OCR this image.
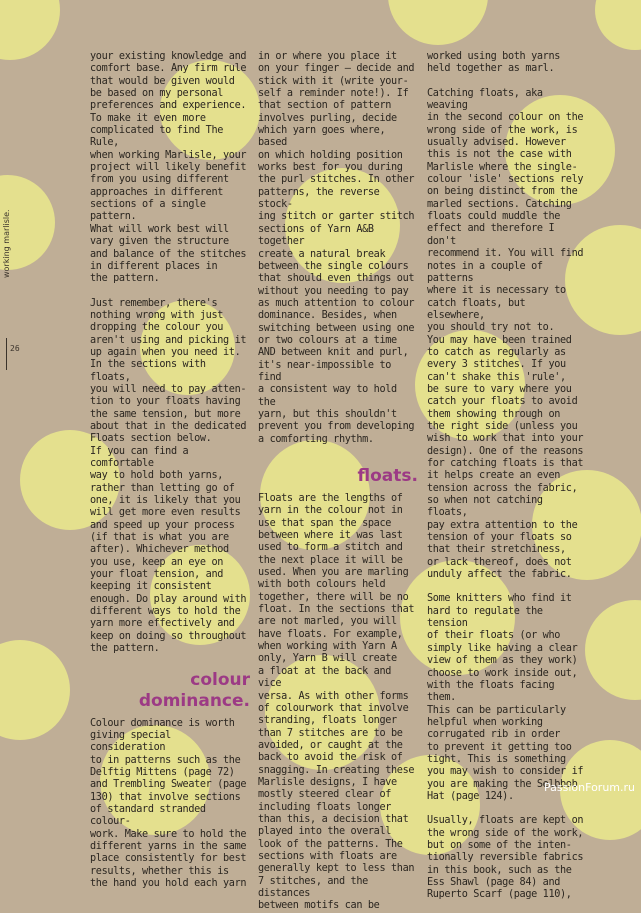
working marlisle.
26

your existing knowledge and
comfort base. Any firm rule
that would be given would
be based on my personal
preferences and experience.
To make it even more
complicated to find The Rule,
when working Marlisle, your
project will likely benefit
from you using different
approaches in different
sections of a single pattern.
What will work best will
vary given the structure
and balance of the stitches
in different places in
the pattern.

Just remember, there's
nothing wrong with just
dropping the colour you
aren't using and picking it
up again when you need it.
In the sections with floats,
you will need to pay atten-
tion to your floats having
the same tension, but more
about that in the dedicated
Floats section below.
If you can find a comfortable
way to hold both yarns,
rather than letting go of
one, it is likely that you
will get more even results
and speed up your process
(if that is what you are
after). Whichever method
you use, keep an eye on
your float tension, and
keeping it consistent
enough. Do play around with
different ways to hold the
yarn more effectively and
keep on doing so throughout
the pattern.

colour
dominance.

Colour dominance is worth
giving special consideration
to in patterns such as the
Delftig Mittens (page 72)
and Trembling Sweater (page
130) that involve sections
of standard stranded colour-
work. Make sure to hold the
different yarns in the same
place consistently for best
results, whether this is
the hand you hold each yarn

in or where you place it
on your finger – decide and
stick with it (write your-
self a reminder note!). If
that section of pattern
involves purling, decide
which yarn goes where, based
on which holding position
works best for you during
the purl stitches. In other
patterns, the reverse stock-
ing stitch or garter stitch
sections of Yarn A&B together
create a natural break
between the single colours
that should even things out
without you needing to pay
as much attention to colour
dominance. Besides, when
switching between using one
or two colours at a time
AND between knit and purl,
it's near-impossible to find
a consistent way to hold the
yarn, but this shouldn't
prevent you from developing
a comforting rhythm.

floats.

Floats are the lengths of
yarn in the colour not in
use that span the space
between where it was last
used to form a stitch and
the next place it will be
used. When you are marling
with both colours held
together, there will be no
float. In the sections that
are not marled, you will
have floats. For example,
when working with Yarn A
only, Yarn B will create
a float at the back and vice
versa. As with other forms
of colourwork that involve
stranding, floats longer
than 7 stitches are to be
avoided, or caught at the
back to avoid the risk of
snagging. In creating these
Marlisle designs, I have
mostly steered clear of
including floats longer
than this, a decision that
played into the overall
look of the patterns. The
sections with floats are
generally kept to less than
7 stitches, and the distances
between motifs can be

worked using both yarns
held together as marl.

Catching floats, aka weaving
in the second colour on the
wrong side of the work, is
usually advised. However
this is not the case with
Marlisle where the single-
colour 'isle' sections rely
on being distinct from the
marled sections. Catching
floats could muddle the
effect and therefore I don't
recommend it. You will find
notes in a couple of patterns
where it is necessary to
catch floats, but elsewhere,
you should try not to.
You may have been trained
to catch as regularly as
every 3 stitches. If you
can't shake this 'rule',
be sure to vary where you
catch your floats to avoid
them showing through on
the right side (unless you
wish to work that into your
design). One of the reasons
for catching floats is that
it helps create an even
tension across the fabric,
so when not catching floats,
pay extra attention to the
tension of your floats so
that their stretchiness,
or lack thereof, does not
unduly affect the fabric.

Some knitters who find it
hard to regulate the tension
of their floats (or who
simply like having a clear
view of them as they work)
choose to work inside out,
with the floats facing them.
This can be particularly
helpful when working
corrugated rib in order
to prevent it getting too
tight. This is something
you may wish to consider if
you are making the Selbbob
Hat (page 124).

Usually, floats are kept on
the wrong side of the work,
but on some of the inten-
tionally reversible fabrics
in this book, such as the
Ess Shawl (page 84) and
Ruperto Scarf (page 110),

PassionForum.ru
